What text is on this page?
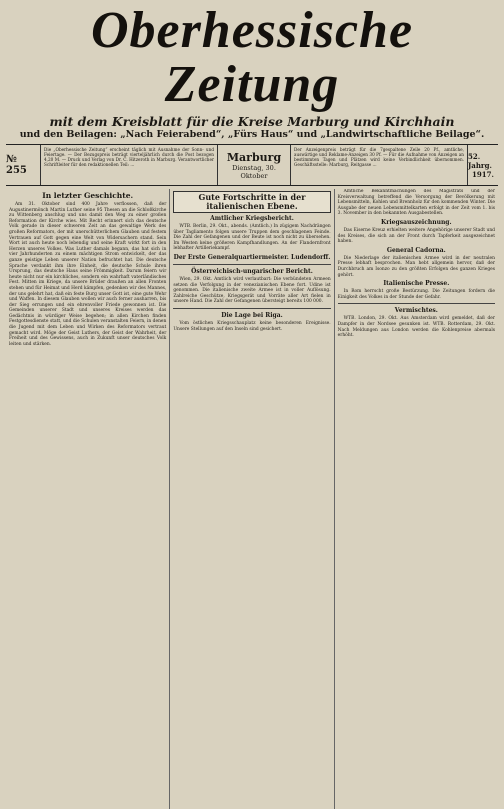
Oberhessische Zeitung
mit dem Kreisblatt für die Kreise Marburg und Kirchhain
und den Beilagen: „Nach Feierabend“, „Fürs Haus“ und „Landwirtschaftliche Beilage“.
№ 255
Die „Oberhessische Zeitung“ erscheint täglich mit Ausnahme der Sonn- und Feiertage. — Der Bezugspreis beträgt vierteljährlich durch die Post bezogen 4,20 M. — Druck und Verlag von Dr. C. Hitzeroth in Marburg. Verantwortlicher Schriftleiter für den redaktionellen Teil: ...
Marburg
Dienstag, 30. Oktober
Der Anzeigenpreis beträgt für die 7gespaltene Zeile 20 Pf., amtliche, auswärtige und Reklame-Anzeigen 30 Pf. — Für die Aufnahme von Anzeigen an bestimmten Tagen und Plätzen wird keine Verbindlichkeit übernommen. Geschäftsstelle: Marburg, Reitgasse ...
52. Jahrg.
1917.
In letzter Geschichte.
Am 31. Oktober sind 400 Jahre verflossen, daß der Augustinermönch Martin Luther seine 95 Thesen an die Schloßkirche zu Wittenberg anschlug und uns damit den Weg zu einer großen Reformation der Kirche wies. Mit Recht erinnert sich das deutsche Volk gerade in dieser schweren Zeit an das gewaltige Werk des großen Reformators, der mit unerschütterlichem Glauben und festem Vertrauen auf Gott gegen eine Welt von Widersachern stand. Sein Wort ist auch heute noch lebendig und seine Kraft wirkt fort in den Herzen unseres Volkes. Was Luther damals begann, das hat sich in vier Jahrhunderten zu einem mächtigen Strom entwickelt, der das ganze geistige Leben unserer Nation befruchtet hat. Die deutsche Sprache verdankt ihm ihre Einheit, die deutsche Schule ihren Ursprung, das deutsche Haus seine Frömmigkeit. Darum feiern wir heute nicht nur ein kirchliches, sondern ein wahrhaft vaterländisches Fest. Mitten im Kriege, da unsere Brüder draußen an allen Fronten stehen und für Heimat und Herd kämpfen, gedenken wir des Mannes, der uns gelehrt hat, daß ein feste Burg unser Gott ist, eine gute Wehr und Waffen. In diesem Glauben wollen wir auch ferner ausharren, bis der Sieg errungen und ein ehrenvoller Friede gewonnen ist. Die Gemeinden unserer Stadt und unseres Kreises werden das Gedächtnis in würdiger Weise begehen; in allen Kirchen finden Festgottesdienste statt, und die Schulen veranstalten Feiern, in denen die Jugend mit dem Leben und Wirken des Reformators vertraut gemacht wird. Möge der Geist Luthers, der Geist der Wahrheit, der Freiheit und des Gewissens, auch in Zukunft unser deutsches Volk leiten und stärken.
Gute Fortschritte in der italienischen Ebene.
Amtlicher Kriegsbericht.
WTB. Berlin, 29. Okt., abends. (Amtlich.) In zügigem Nachdrängen über Tagliamento folgen unsere Truppen dem geschlagenen Feinde. Die Zahl der Gefangenen und der Beute ist noch nicht zu übersehen. Im Westen keine größeren Kampfhandlungen. An der Flandernfront lebhafter Artilleriekampf.
Der Erste Generalquartiermeister. Ludendorff.
Österreichisch-ungarischer Bericht.
Wien, 29. Okt. Amtlich wird verlautbart: Die verbündeten Armeen setzen die Verfolgung in der venezianischen Ebene fort. Udine ist genommen. Die italienische zweite Armee ist in voller Auflösung. Zahlreiche Geschütze, Kriegsgerät und Vorräte aller Art fielen in unsere Hand. Die Zahl der Gefangenen übersteigt bereits 100 000.
Die Lage bei Riga.
Vom östlichen Kriegsschauplatz keine besonderen Ereignisse. Unsere Stellungen auf den Inseln sind gesichert.
Amtliche Bekanntmachungen des Magistrats und der Kreisverwaltung betreffend die Versorgung der Bevölkerung mit Lebensmitteln, Kohlen und Brennholz für den kommenden Winter. Die Ausgabe der neuen Lebensmittelkarten erfolgt in der Zeit vom 1. bis 3. November in den bekannten Ausgabestellen.
Kriegsauszeichnung.
Das Eiserne Kreuz erhielten weitere Angehörige unserer Stadt und des Kreises, die sich an der Front durch Tapferkeit ausgezeichnet haben.
General Cadorna.
Die Niederlage der italienischen Armee wird in der neutralen Presse lebhaft besprochen. Man hebt allgemein hervor, daß der Durchbruch am Isonzo zu den größten Erfolgen des ganzen Krieges gehört.
Italienische Presse.
In Rom herrscht große Bestürzung. Die Zeitungen fordern die Einigkeit des Volkes in der Stunde der Gefahr.
Vermischtes.
WTB. London, 29. Okt. Aus Amsterdam wird gemeldet, daß der Dampfer in der Nordsee gesunken ist. WTB. Rotterdam, 29. Okt. Nach Meldungen aus London werden die Kohlenpreise abermals erhöht.
